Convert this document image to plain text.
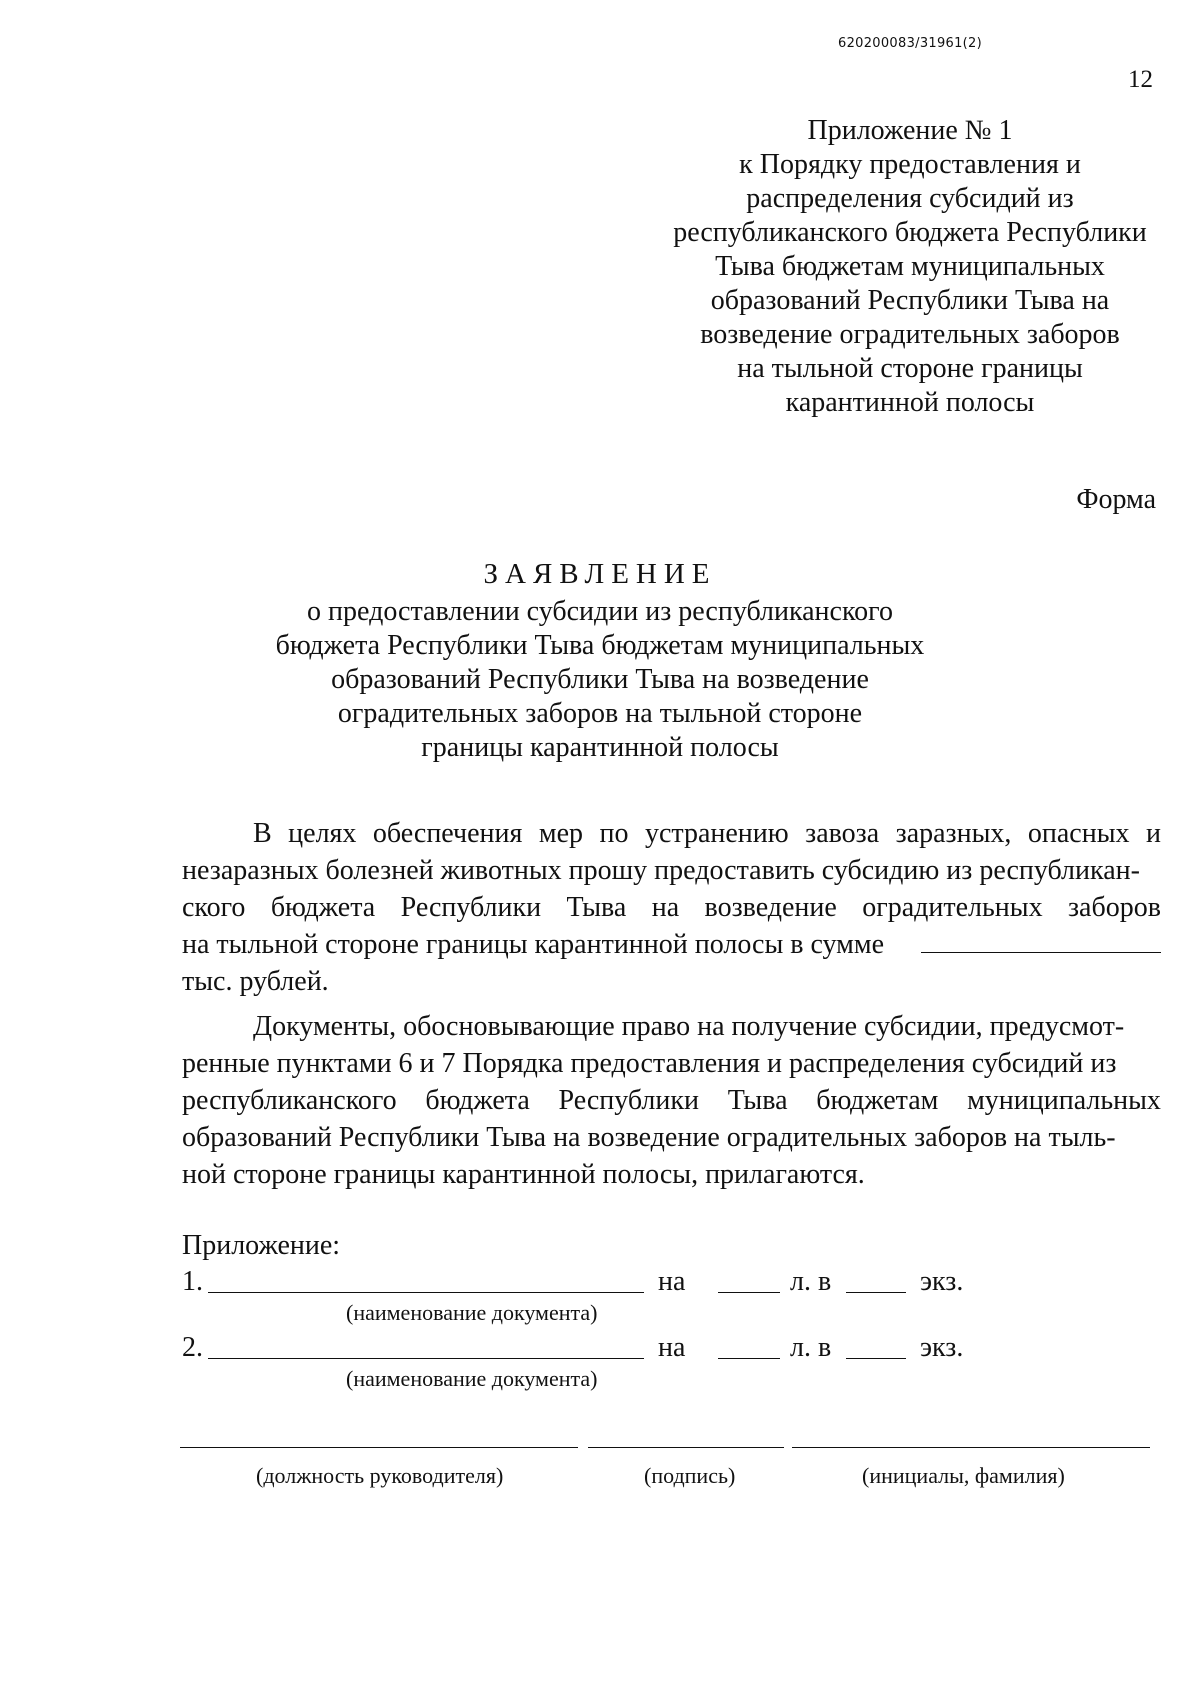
620200083/31961(2)
12
Приложение № 1
к Порядку предоставления и
распределения субсидий из
республиканского бюджета Республики
Тыва бюджетам муниципальных
образований Республики Тыва на
возведение оградительных заборов
на тыльной стороне границы
карантинной полосы
Форма
ЗАЯВЛЕНИЕ
о предоставлении субсидии из республиканского
бюджета Республики Тыва бюджетам муниципальных
образований Республики Тыва на возведение
оградительных заборов на тыльной стороне
границы карантинной полосы
В целях обеспечения мер по устранению завоза заразных, опасных и
незаразных болезней животных прошу предоставить субсидию из республикан-
ского бюджета Республики Тыва на возведение оградительных заборов
на тыльной стороне границы карантинной полосы в сумме
тыс. рублей.
Документы, обосновывающие право на получение субсидии, предусмот-
ренные пунктами 6 и 7 Порядка предоставления и распределения субсидий из
республиканского бюджета Республики Тыва бюджетам муниципальных
образований Республики Тыва на возведение оградительных заборов на тыль-
ной стороне границы карантинной полосы, прилагаются.
Приложение:
1.	на	л. в	экз.
(наименование документа)
2.	на	л. в	экз.
(наименование документа)
(должность руководителя)	(подпись)	(инициалы, фамилия)
